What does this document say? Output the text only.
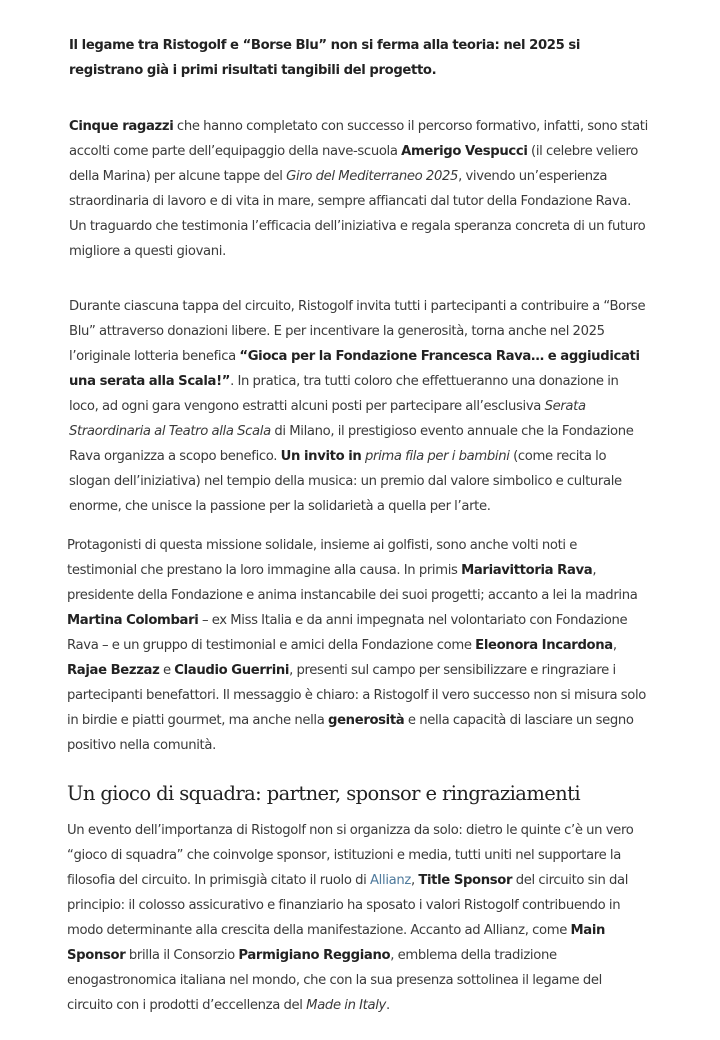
Il legame tra Ristogolf e “Borse Blu” non si ferma alla teoria: nel 2025 si registrano già i primi risultati tangibili del progetto.

Cinque ragazzi che hanno completato con successo il percorso formativo, infatti, sono stati accolti come parte dell’equipaggio della nave-scuola Amerigo Vespucci (il celebre veliero della Marina) per alcune tappe del Giro del Mediterraneo 2025, vivendo un’esperienza straordinaria di lavoro e di vita in mare, sempre affiancati dal tutor della Fondazione Rava. Un traguardo che testimonia l’efficacia dell’iniziativa e regala speranza concreta di un futuro migliore a questi giovani.

Durante ciascuna tappa del circuito, Ristogolf invita tutti i partecipanti a contribuire a “Borse Blu” attraverso donazioni libere. E per incentivare la generosità, torna anche nel 2025 l’originale lotteria benefica “Gioca per la Fondazione Francesca Rava… e aggiudicati una serata alla Scala!”. In pratica, tra tutti coloro che effettueranno una donazione in loco, ad ogni gara vengono estratti alcuni posti per partecipare all’esclusiva Serata Straordinaria al Teatro alla Scala di Milano, il prestigioso evento annuale che la Fondazione Rava organizza a scopo benefico. Un invito in prima fila per i bambini (come recita lo slogan dell’iniziativa) nel tempio della musica: un premio dal valore simbolico e culturale enorme, che unisce la passione per la solidarietà a quella per l’arte.

Protagonisti di questa missione solidale, insieme ai golfisti, sono anche volti noti e testimonial che prestano la loro immagine alla causa. In primis Mariavittoria Rava, presidente della Fondazione e anima instancabile dei suoi progetti; accanto a lei la madrina Martina Colombari – ex Miss Italia e da anni impegnata nel volontariato con Fondazione Rava – e un gruppo di testimonial e amici della Fondazione come Eleonora Incardona, Rajae Bezzaz e Claudio Guerrini, presenti sul campo per sensibilizzare e ringraziare i partecipanti benefattori. Il messaggio è chiaro: a Ristogolf il vero successo non si misura solo in birdie e piatti gourmet, ma anche nella generosità e nella capacità di lasciare un segno positivo nella comunità.

Un gioco di squadra: partner, sponsor e ringraziamenti

Un evento dell’importanza di Ristogolf non si organizza da solo: dietro le quinte c’è un vero “gioco di squadra” che coinvolge sponsor, istituzioni e media, tutti uniti nel supportare la filosofia del circuito. In primisgià citato il ruolo di Allianz, Title Sponsor del circuito sin dal principio: il colosso assicurativo e finanziario ha sposato i valori Ristogolf contribuendo in modo determinante alla crescita della manifestazione. Accanto ad Allianz, come Main Sponsor brilla il Consorzio Parmigiano Reggiano, emblema della tradizione enogastronomica italiana nel mondo, che con la sua presenza sottolinea il legame del circuito con i prodotti d’eccellenza del Made in Italy.
